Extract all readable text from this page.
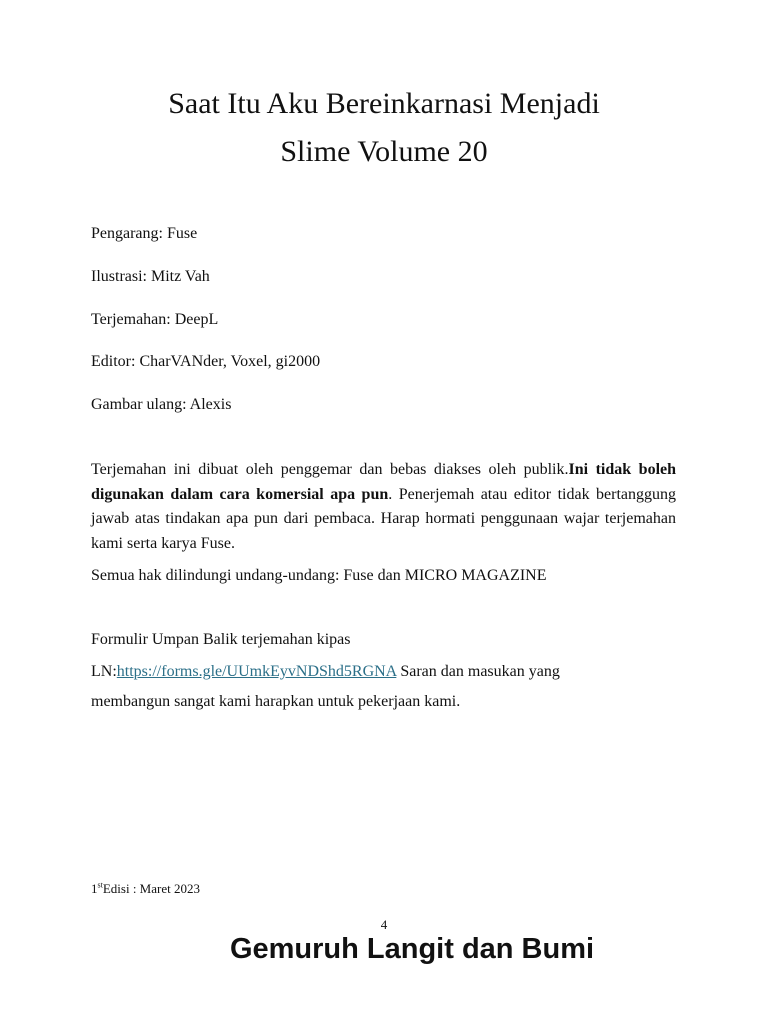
Saat Itu Aku Bereinkarnasi Menjadi
Slime Volume 20
Pengarang: Fuse
Ilustrasi: Mitz Vah
Terjemahan: DeepL
Editor: CharVANder, Voxel, gi2000
Gambar ulang: Alexis
Terjemahan ini dibuat oleh penggemar dan bebas diakses oleh publik.Ini tidak boleh digunakan dalam cara komersial apa pun. Penerjemah atau editor tidak bertanggung jawab atas tindakan apa pun dari pembaca. Harap hormati penggunaan wajar terjemahan kami serta karya Fuse.
Semua hak dilindungi undang-undang: Fuse dan MICRO MAGAZINE
Formulir Umpan Balik terjemahan kipas
LN:https://forms.gle/UUmkEyvNDShd5RGNA Saran dan masukan yang
membangun sangat kami harapkan untuk pekerjaan kami.
1stEdisi : Maret 2023
4
Gemuruh Langit dan Bumi
